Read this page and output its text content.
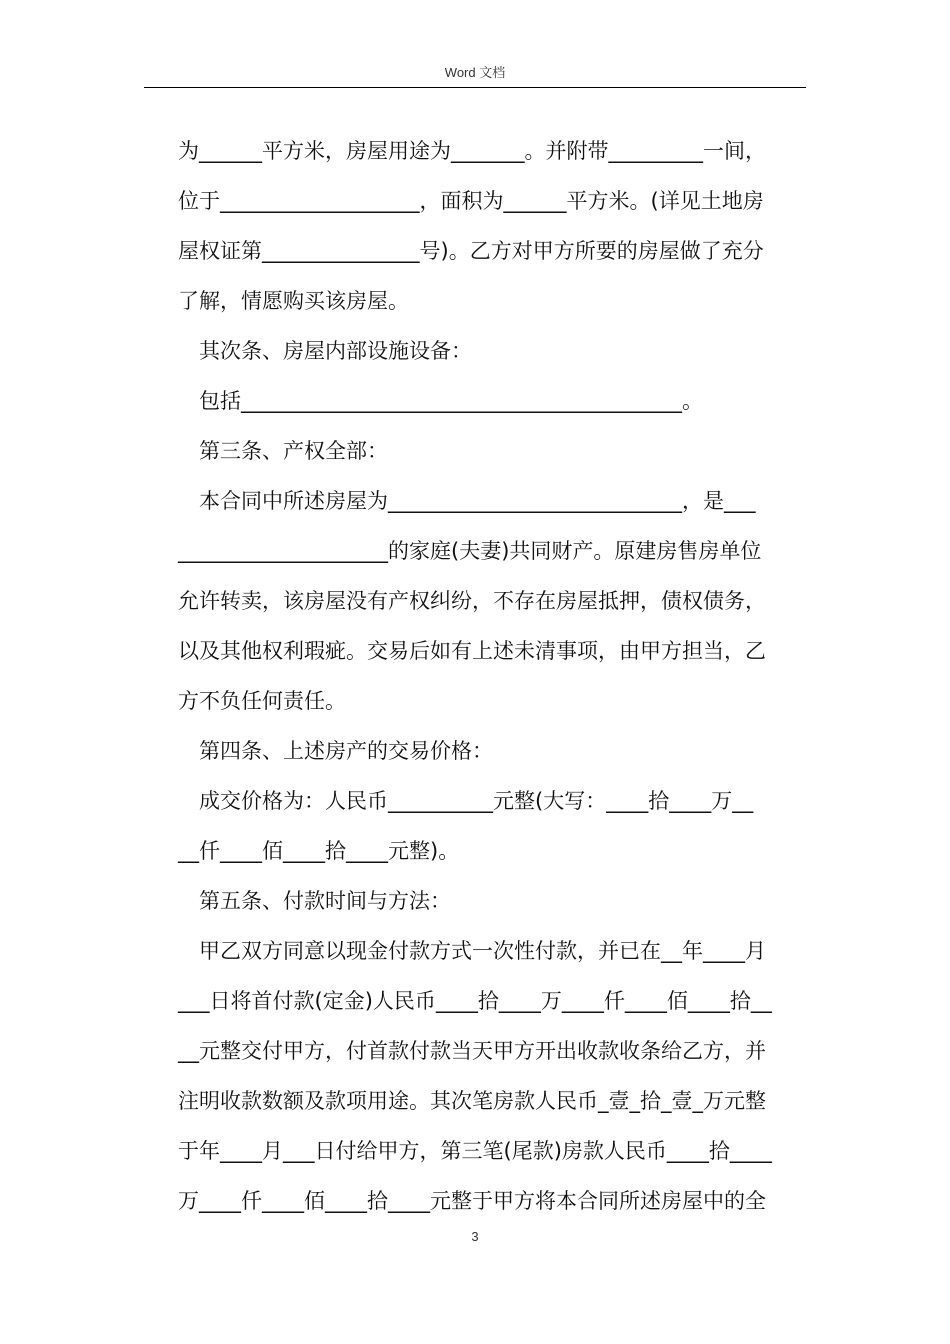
Word 文档
为______平方米，房屋用途为_______。并附带_________一间，
位于___________________，面积为______平方米。(详见土地房
屋权证第_______________号)。乙方对甲方所要的房屋做了充分
了解，情愿购买该房屋。
其次条、房屋内部设施设备：
包括__________________________________________。
第三条、产权全部：
本合同中所述房屋为____________________________，是___
____________________的家庭(夫妻)共同财产。原建房售房单位
允许转卖，该房屋没有产权纠纷，不存在房屋抵押，债权债务，
以及其他权利瑕疵。交易后如有上述未清事项，由甲方担当，乙
方不负任何责任。
第四条、上述房产的交易价格：
成交价格为：人民币__________元整(大写：____拾____万__
__仟____佰____拾____元整)。
第五条、付款时间与方法：
甲乙双方同意以现金付款方式一次性付款，并已在__年____月
___日将首付款(定金)人民币____拾____万____仟____佰____拾__
__元整交付甲方，付首款付款当天甲方开出收款收条给乙方，并
注明收款数额及款项用途。其次笔房款人民币_壹_拾_壹_万元整
于年____月___日付给甲方，第三笔(尾款)房款人民币____拾____
万____仟____佰____拾____元整于甲方将本合同所述房屋中的全
3
